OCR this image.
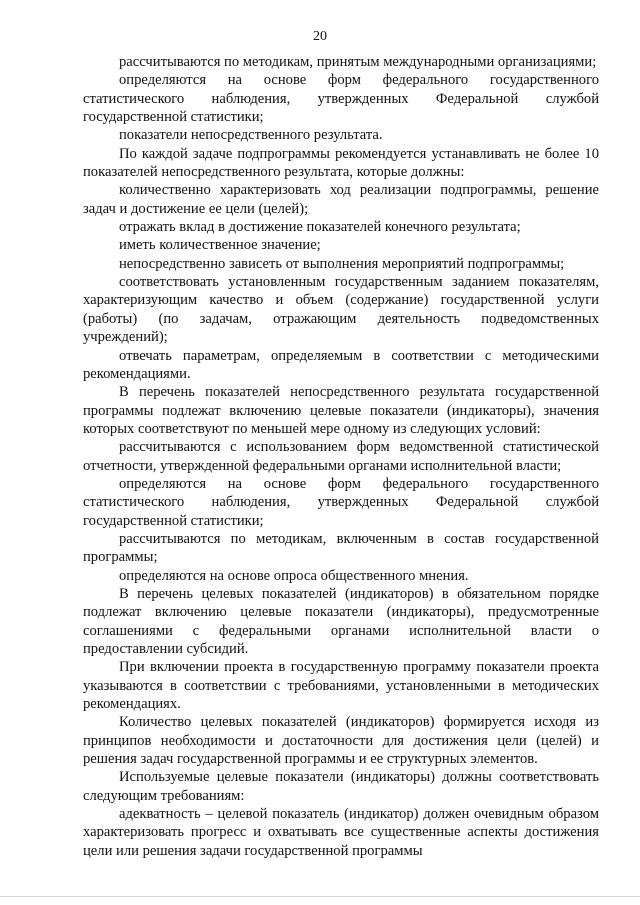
20

рассчитываются по методикам, принятым международными организациями;

определяются на основе форм федерального государственного статистического наблюдения, утвержденных Федеральной службой государственной статистики;

показатели непосредственного результата.

По каждой задаче подпрограммы рекомендуется устанавливать не более 10 показателей непосредственного результата, которые должны:

количественно характеризовать ход реализации подпрограммы, решение задач и достижение ее цели (целей);

отражать вклад в достижение показателей конечного результата;

иметь количественное значение;

непосредственно зависеть от выполнения мероприятий подпрограммы;

соответствовать установленным государственным заданием показателям, характеризующим качество и объем (содержание) государственной услуги (работы) (по задачам, отражающим деятельность подведомственных учреждений);

отвечать параметрам, определяемым в соответствии с методическими рекомендациями.

В перечень показателей непосредственного результата государственной программы подлежат включению целевые показатели (индикаторы), значения которых соответствуют по меньшей мере одному из следующих условий:

рассчитываются с использованием форм ведомственной статистической отчетности, утвержденной федеральными органами исполнительной власти;

определяются на основе форм федерального государственного статистического наблюдения, утвержденных Федеральной службой государственной статистики;

рассчитываются по методикам, включенным в состав государственной программы;

определяются на основе опроса общественного мнения.

В перечень целевых показателей (индикаторов) в обязательном порядке подлежат включению целевые показатели (индикаторы), предусмотренные соглашениями с федеральными органами исполнительной власти о предоставлении субсидий.

При включении проекта в государственную программу показатели проекта указываются в соответствии с требованиями, установленными в методических рекомендациях.

Количество целевых показателей (индикаторов) формируется исходя из принципов необходимости и достаточности для достижения цели (целей) и решения задач государственной программы и ее структурных элементов.

Используемые целевые показатели (индикаторы) должны соответствовать следующим требованиям:

адекватность – целевой показатель (индикатор) должен очевидным образом характеризовать прогресс и охватывать все существенные аспекты достижения цели или решения задачи государственной программы
